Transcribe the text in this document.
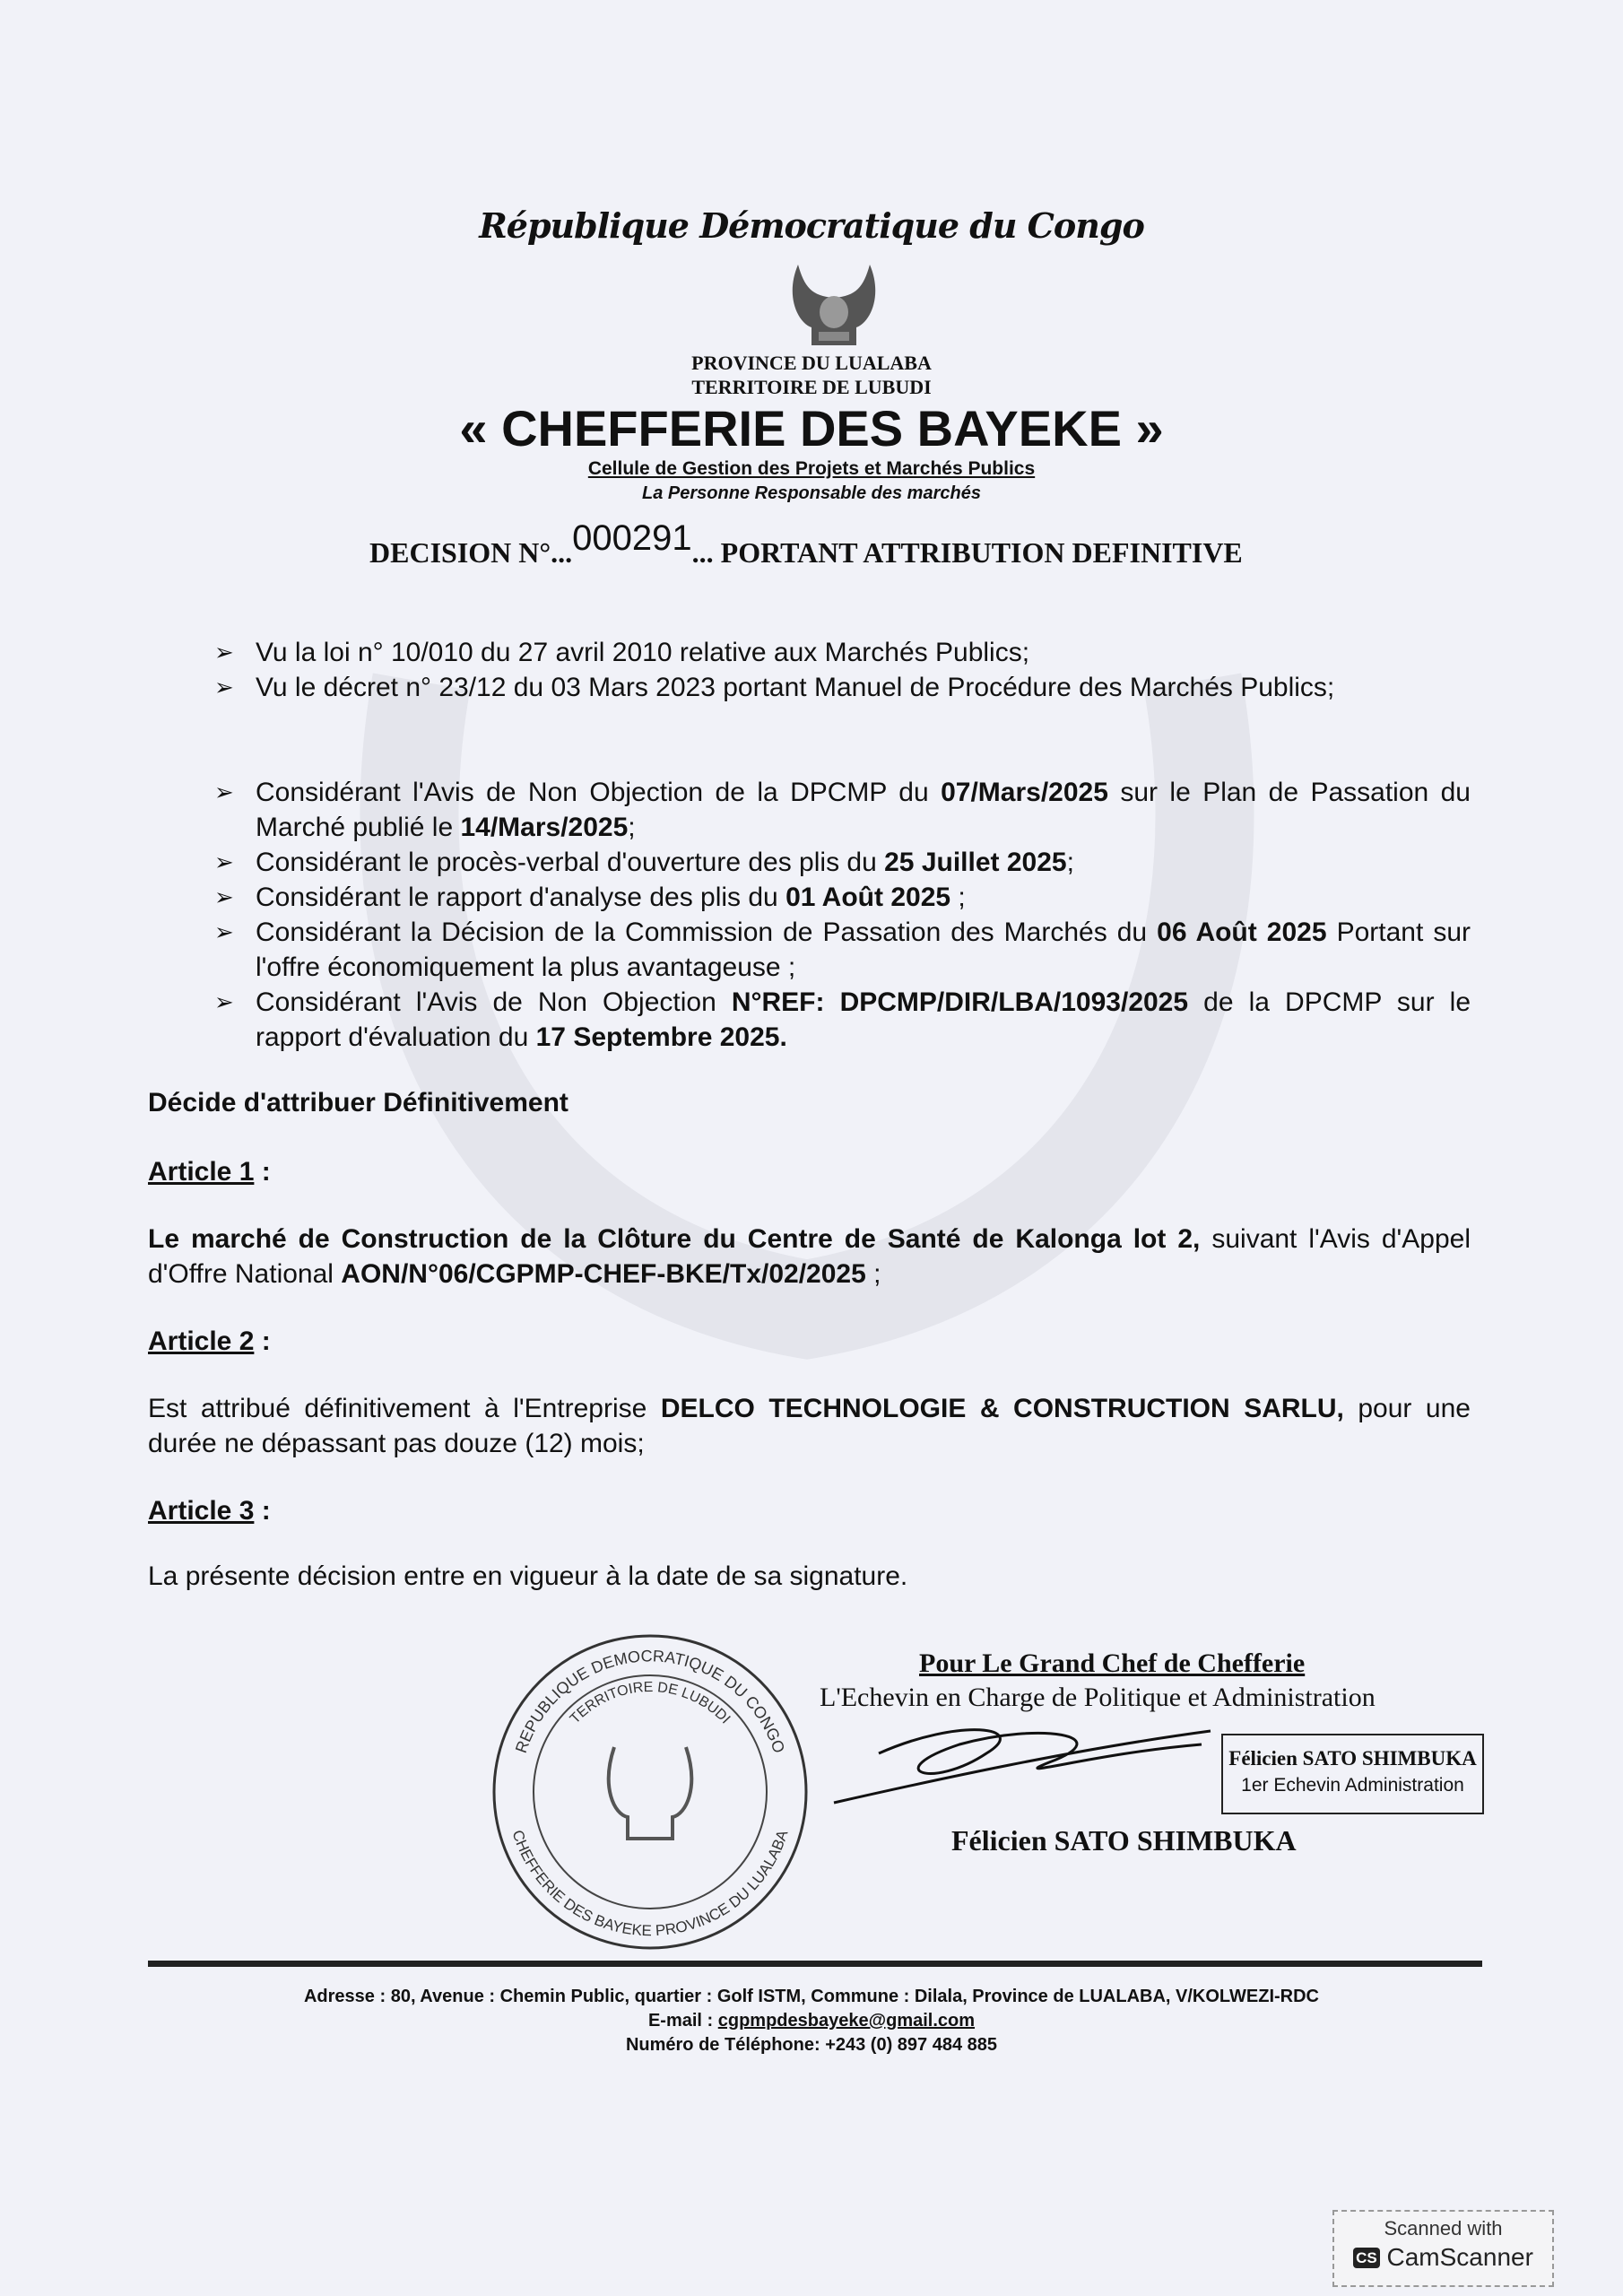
République Démocratique du Congo
PROVINCE DU LUALABA
TERRITOIRE DE LUBUDI
« CHEFFERIE DES BAYEKE »
Cellule de Gestion des Projets et Marchés Publics
La Personne Responsable des marchés
DECISION N°...000291... PORTANT ATTRIBUTION DEFINITIVE
➢ Vu la loi n° 10/010 du 27 avril 2010 relative aux Marchés Publics;
➢ Vu le décret n° 23/12 du 03 Mars 2023 portant Manuel de Procédure des Marchés Publics;
➢ Considérant l'Avis de Non Objection de la DPCMP du 07/Mars/2025 sur le Plan de Passation du Marché publié le 14/Mars/2025;
➢ Considérant le procès-verbal d'ouverture des plis du 25 Juillet 2025;
➢ Considérant le rapport d'analyse des plis du 01 Août 2025 ;
➢ Considérant la Décision de la Commission de Passation des Marchés du 06 Août 2025 Portant sur l'offre économiquement la plus avantageuse ;
➢ Considérant l'Avis de Non Objection N°REF: DPCMP/DIR/LBA/1093/2025 de la DPCMP sur le rapport d'évaluation du 17 Septembre 2025.
Décide d'attribuer Définitivement
Article 1 :
Le marché de Construction de la Clôture du Centre de Santé de Kalonga lot 2, suivant l'Avis d'Appel d'Offre National AON/N°06/CGPMP-CHEF-BKE/Tx/02/2025 ;
Article 2 :
Est attribué définitivement à l'Entreprise DELCO TECHNOLOGIE & CONSTRUCTION SARLU, pour une durée ne dépassant pas douze (12) mois;
Article 3 :
La présente décision entre en vigueur à la date de sa signature.
Pour Le Grand Chef de Chefferie
L'Echevin en Charge de Politique et Administration
REPUBLIQUE DEMOCRATIQUE DU CONGO
TERRITOIRE DE LUBUDI
CHEFFERIE DES BAYEKE PROVINCE DU LUALABA
Félicien SATO SHIMBUKA
1er Echevin Administration
Félicien SATO SHIMBUKA
Adresse : 80, Avenue : Chemin Public, quartier : Golf ISTM, Commune : Dilala, Province de LUALABA, V/KOLWEZI-RDC
E-mail : cgpmpdesbayeke@gmail.com
Numéro de Téléphone: +243 (0) 897 484 885
Scanned with
CS CamScanner
